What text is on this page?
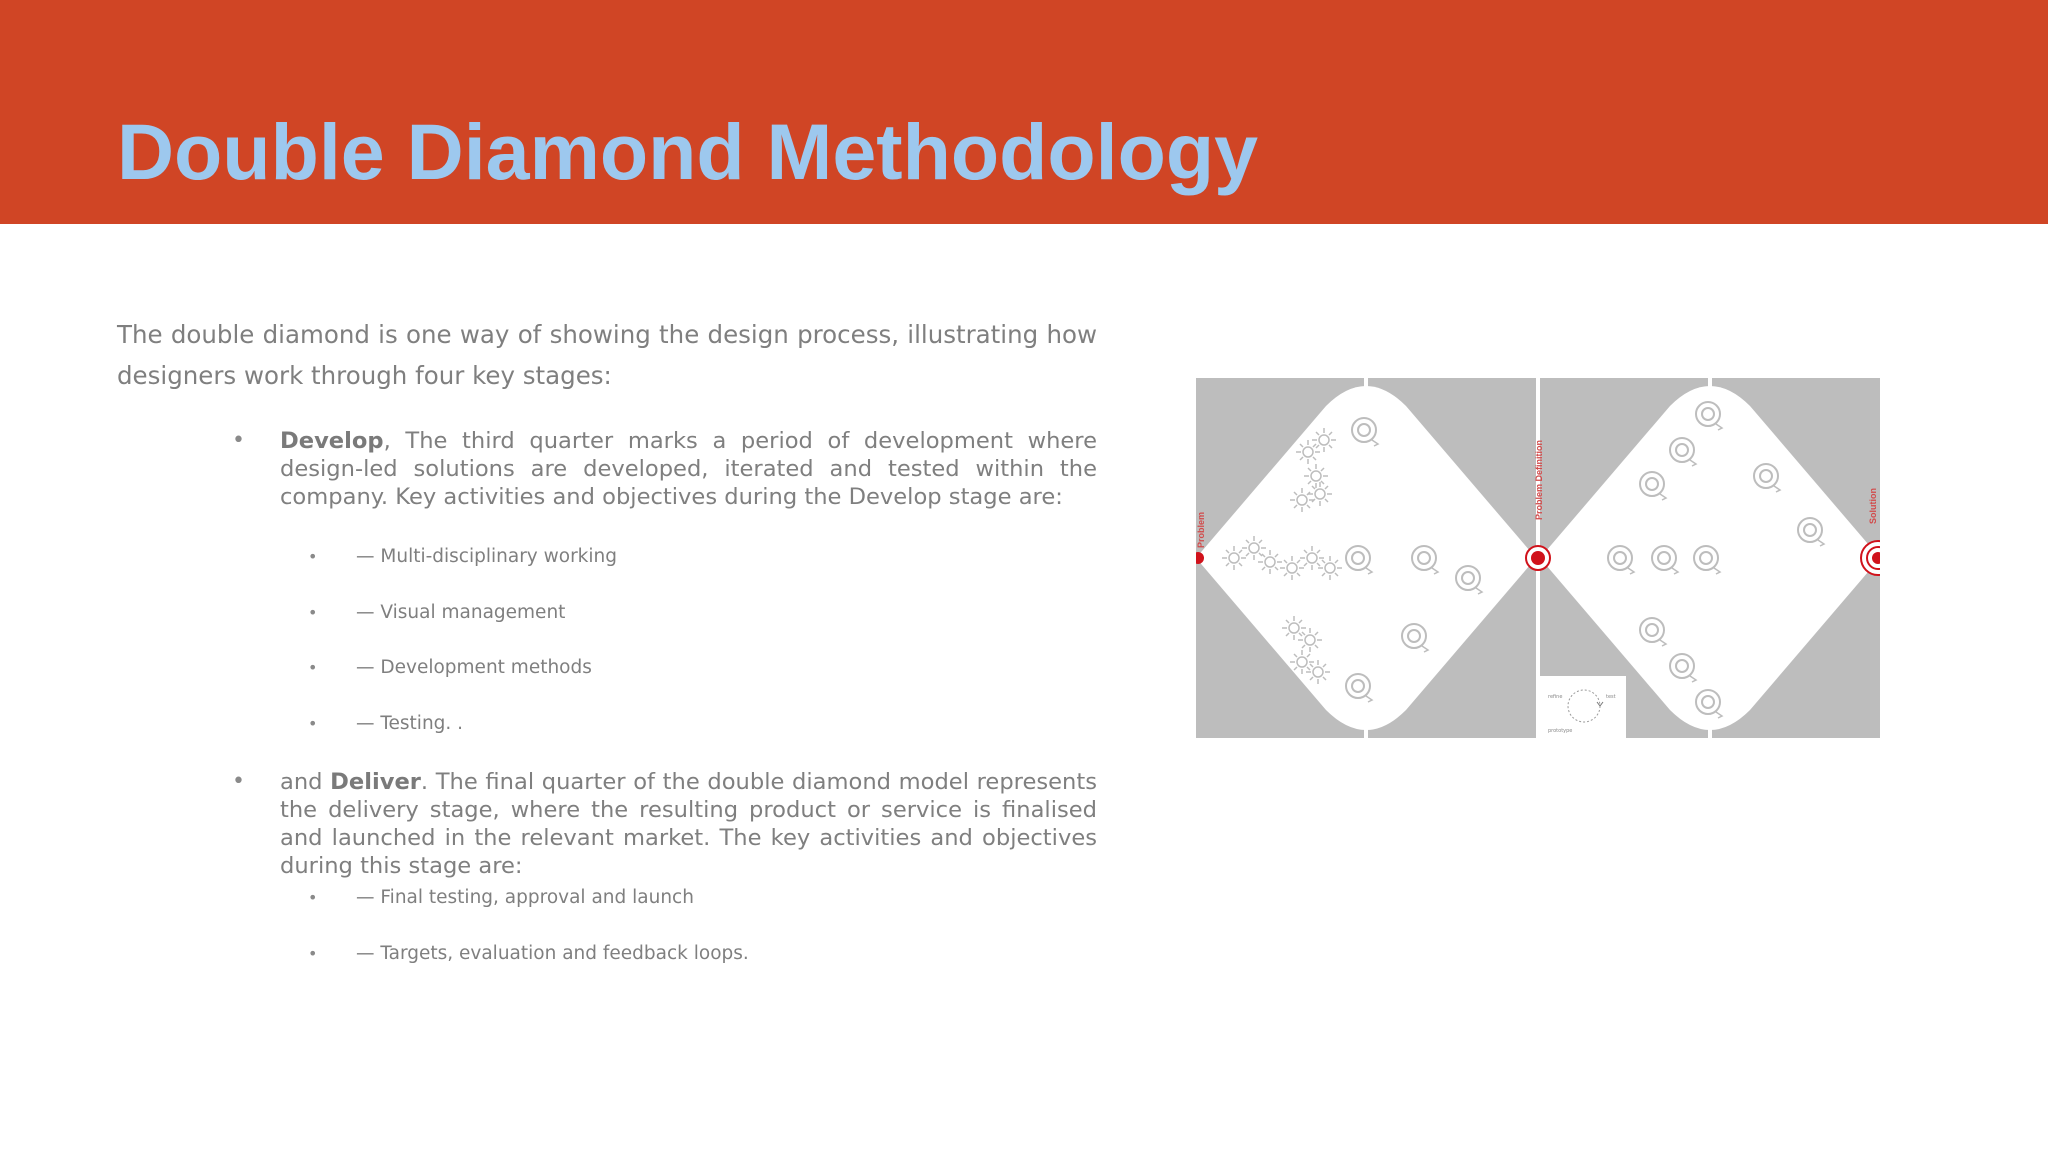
Double Diamond Methodology

The double diamond is one way of showing the design process, illustrating how designers work through four key stages:

• Develop, The third quarter marks a period of development where design-led solutions are developed, iterated and tested within the company. Key activities and objectives during the Develop stage are:

• — Multi-disciplinary working
• — Visual management
• — Development methods
• — Testing. .

• and Deliver. The final quarter of the double diamond model represents the delivery stage, where the resulting product or service is finalised and launched in the relevant market. The key activities and objectives during this stage are:

• — Final testing, approval and launch
• — Targets, evaluation and feedback loops.
Problem
Problem Definition	Solution
refine	test
prototype
